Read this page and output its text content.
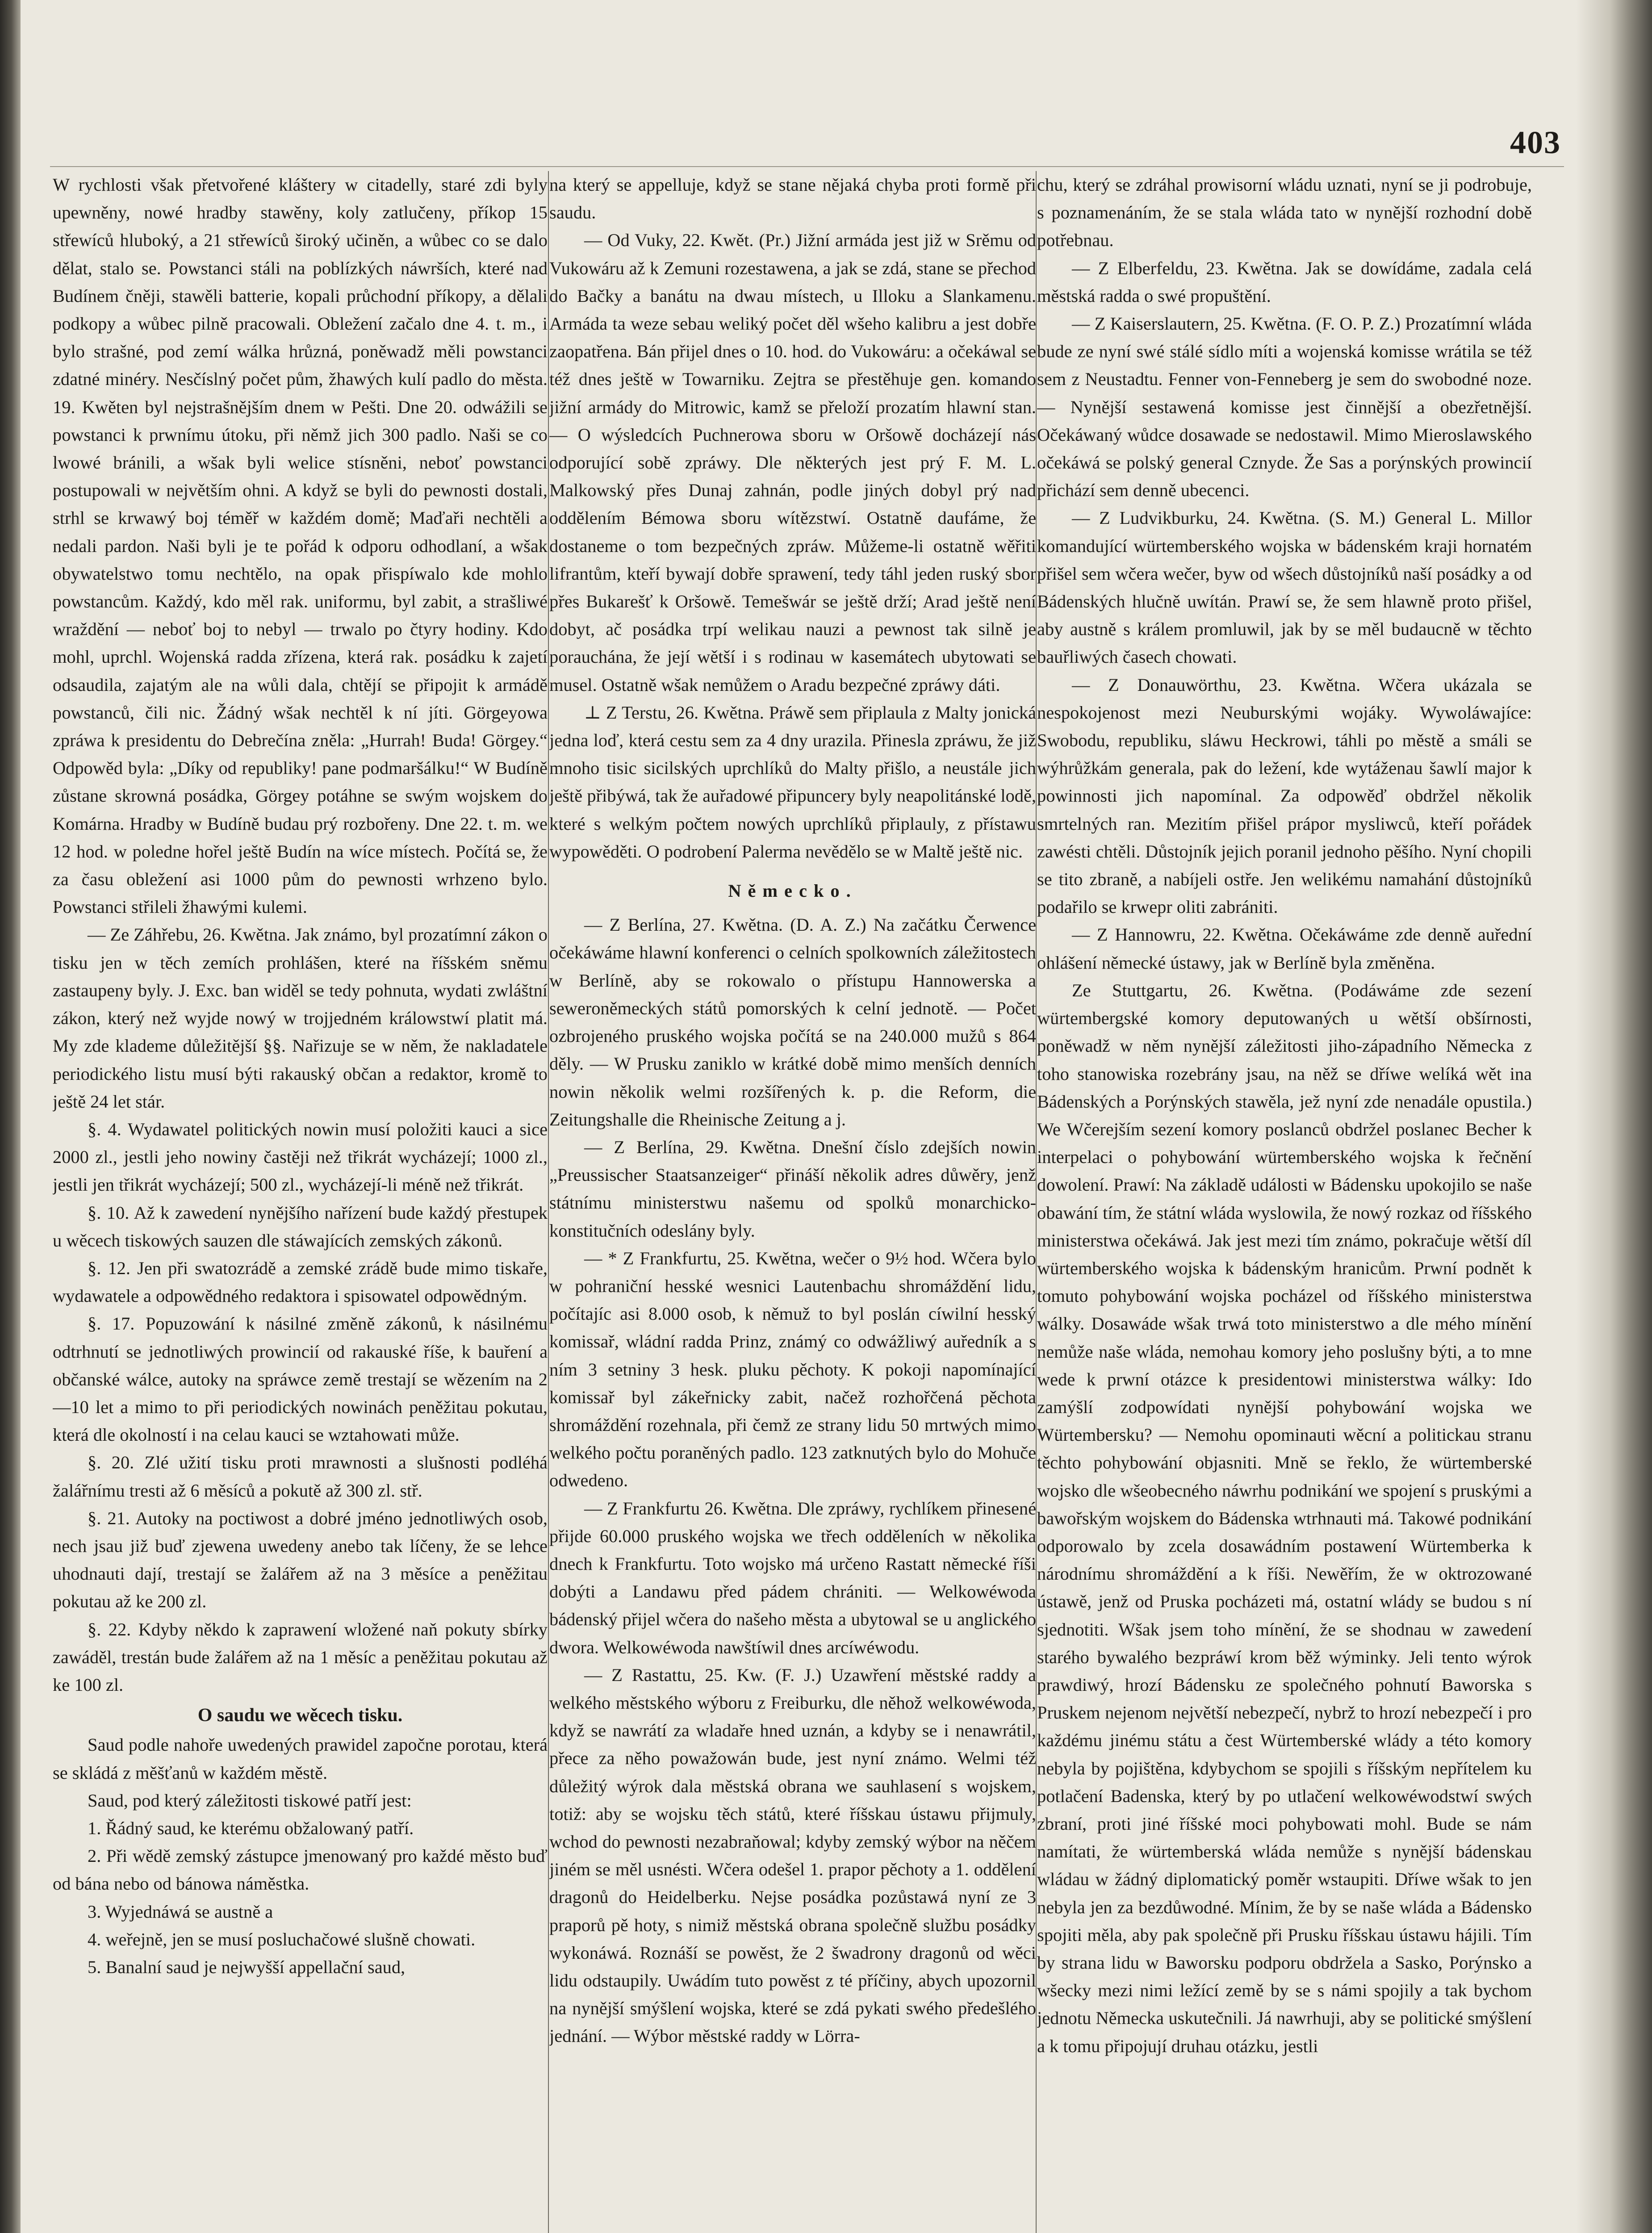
403

W rychlosti však přetvořené kláštery w citadelly, staré zdi byly upewněny, nowé hradby stawěny, koly zatlučeny, příkop 15 střewíců hluboký, a 21 střewíců široký učiněn, a wůbec co se dalo dělat, stalo se. Powstanci stáli na poblízkých náwrších, které nad Budínem čněji, stawěli batterie, kopali průchodní příkopy, a dělali podkopy a wůbec pilně pracowali. Obležení začalo dne 4. t. m., i bylo strašné, pod zemí wálka hrůzná, poněwadž měli powstanci zdatné minéry. Nesčíslný počet pům, žhawých kulí padlo do města. 19. Kwěten byl nejstrašnějším dnem w Pešti. Dne 20. odwážili se powstanci k prwnímu útoku, při němž jich 300 padlo. Naši se co lwowé bránili, a wšak byli welice stísněni, neboť powstanci postupowali w největším ohni. A když se byli do pewnosti dostali, strhl se krwawý boj téměř w každém domě; Maďaři nechtěli a nedali pardon. Naši byli je te pořád k odporu odhodlaní, a wšak obywatelstwo tomu nechtělo, na opak přispíwalo kde mohlo powstancům. Každý, kdo měl rak. uniformu, byl zabit, a strašliwé wraždění — neboť boj to nebyl — trwalo po čtyry hodiny. Kdo mohl, uprchl. Wojenská radda zřízena, která rak. posádku k zajetí odsaudila, zajatým ale na wůli dala, chtějí se připojit k armádě powstanců, čili nic. Žádný wšak nechtěl k ní jíti. Görgeyowa zpráwa k presidentu do Debrečína zněla: „Hurrah! Buda! Görgey.“ Odpowěd byla: „Díky od republiky! pane podmaršálku!“ W Budíně zůstane skrowná posádka, Görgey potáhne se swým wojskem do Komárna. Hradby w Budíně budau prý rozbořeny. Dne 22. t. m. we 12 hod. w poledne hořel ještě Budín na wíce místech. Počítá se, že za času obležení asi 1000 pům do pewnosti wrhzeno bylo. Powstanci střileli žhawými kulemi.

— Ze Záhřebu, 26. Kwětna. Jak známo, byl prozatímní zákon o tisku jen w těch zemích prohlášen, které na říšském sněmu zastaupeny byly. J. Exc. ban widěl se tedy pohnuta, wydati zwláštní zákon, který než wyjde nowý w trojjedném králowstwí platit má. My zde klademe důležitější §§. Nařizuje se w něm, že nakladatele periodického listu musí býti rakauský občan a redaktor, kromě to ještě 24 let stár.

§. 4. Wydawatel politických nowin musí položiti kauci a sice 2000 zl., jestli jeho nowiny častěji než třikrát wycházejí; 1000 zl., jestli jen třikrát wycházejí; 500 zl., wycházejí-li méně než třikrát.

§. 10. Až k zawedení nynějšího nařízení bude každý přestupek u wěcech tiskowých sauzen dle stáwajících zemských zákonů.

§. 12. Jen při swatozrádě a zemské zrádě bude mimo tiskaře, wydawatele a odpowědného redaktora i spisowatel odpowědným.

§. 17. Popuzowání k násilné změně zákonů, k násilnému odtrhnutí se jednotliwých prowincií od rakauské říše, k bauření a občanské wálce, autoky na spráwce země trestají se wězením na 2—10 let a mimo to při periodických nowinách peněžitau pokutau, která dle okolností i na celau kauci se wztahowati může.

§. 20. Zlé užití tisku proti mrawnosti a slušnosti podléhá žalářnímu tresti až 6 měsíců a pokutě až 300 zl. stř.

§. 21. Autoky na poctiwost a dobré jméno jednotliwých osob, nech jsau již buď zjewena uwedeny anebo tak líčeny, že se lehce uhodnauti dají, trestají se žalářem až na 3 měsíce a peněžitau pokutau až ke 200 zl.

§. 22. Kdyby někdo k zaprawení wložené naň pokuty sbírky zawáděl, trestán bude žalářem až na 1 měsíc a peněžitau pokutau až ke 100 zl.

O saudu we wěcech tisku.

Saud podle nahoře uwedených prawidel započne porotau, která se skládá z měšťanů w každém městě.

Saud, pod který záležitosti tiskowé patří jest:

1. Řádný saud, ke kterému obžalowaný patří.

2. Při wědě zemský zástupce jmenowaný pro každé město buď od bána nebo od bánowa náměstka.

3. Wyjednáwá se austně a

4. weřejně, jen se musí posluchačowé slušně chowati.

5. Banalní saud je nejwyšší appellační saud,

na který se appelluje, když se stane nějaká chyba proti formě při saudu.

— Od Vuky, 22. Kwět. (Pr.) Jižní armáda jest již w Srěmu od Vukowáru až k Zemuni rozestawena, a jak se zdá, stane se přechod do Bačky a banátu na dwau místech, u Illoku a Slankamenu. Armáda ta weze sebau weliký počet děl wšeho kalibru a jest dobře zaopatřena. Bán přijel dnes o 10. hod. do Vukowáru: a očekáwal se též dnes ještě w Towarniku. Zejtra se přestěhuje gen. komando jižní armády do Mitrowic, kamž se přeloží prozatím hlawní stan. — O wýsledcích Puchnerowa sboru w Oršowě docházejí nás odporující sobě zpráwy. Dle některých jest prý F. M. L. Malkowský přes Dunaj zahnán, podle jiných dobyl prý nad oddělením Bémowa sboru wítězstwí. Ostatně daufáme, že dostaneme o tom bezpečných zpráw. Můžeme-li ostatně wěřiti lifrantům, kteří bywají dobře sprawení, tedy táhl jeden ruský sbor přes Bukarešť k Oršowě. Temešwár se ještě drží; Arad ještě není dobyt, ač posádka trpí welikau nauzi a pewnost tak silně je porauchána, že její wětší i s rodinau w kasemátech ubytowati se musel. Ostatně wšak nemůžem o Aradu bezpečné zpráwy dáti.

⊥ Z Terstu, 26. Kwětna. Práwě sem připlaula z Malty jonická jedna loď, která cestu sem za 4 dny urazila. Přinesla zpráwu, že již mnoho tisic sicilských uprchlíků do Malty přišlo, a neustále jich ještě přibýwá, tak že auřadowé připuncery byly neapolitánské lodě, které s welkým počtem nowých uprchlíků připlauly, z přístawu wypowěděti. O podrobení Palerma nevědělo se w Maltě ještě nic.

Německo.

— Z Berlína, 27. Kwětna. (D. A. Z.) Na začátku Čerwence očekáwáme hlawní konferenci o celních spolkowních záležitostech w Berlíně, aby se rokowalo o přístupu Hannowerska a seweroněmeckých států pomorských k celní jednotě. — Počet ozbrojeného pruského wojska počítá se na 240.000 mužů s 864 děly. — W Prusku zaniklo w krátké době mimo menších denních nowin několik welmi rozšířených k. p. die Reform, die Zeitungshalle die Rheinische Zeitung a j.

— Z Berlína, 29. Kwětna. Dnešní číslo zdejších nowin „Preussischer Staatsanzeiger“ přináší několik adres důwěry, jenž státnímu ministerstwu našemu od spolků monarchicko-konstitučních odeslány byly.

— * Z Frankfurtu, 25. Kwětna, wečer o 9½ hod. Wčera bylo w pohraniční hesské wesnici Lautenbachu shromáždění lidu, počítajíc asi 8.000 osob, k němuž to byl poslán cíwilní hesský komissař, wládní radda Prinz, známý co odwážliwý auředník a s ním 3 setniny 3 hesk. pluku pěchoty. K pokoji napomínající komissař byl zákeřnicky zabit, načež rozhořčená pěchota shromáždění rozehnala, při čemž ze strany lidu 50 mrtwých mimo welkého počtu poraněných padlo. 123 zatknutých bylo do Mohuče odwedeno.

— Z Frankfurtu 26. Kwětna. Dle zpráwy, rychlíkem přinesené přijde 60.000 pruského wojska we třech odděleních w několika dnech k Frankfurtu. Toto wojsko má určeno Rastatt německé říši dobýti a Landawu před pádem chrániti. — Welkowéwoda bádenský přijel wčera do našeho města a ubytowal se u anglického dwora. Welkowéwoda nawštíwil dnes arcíwéwodu.

— Z Rastattu, 25. Kw. (F. J.) Uzawření městské raddy a welkého městského wýboru z Freiburku, dle něhož welkowéwoda, když se nawrátí za wladaře hned uznán, a kdyby se i nenawrátil, přece za něho powažowán bude, jest nyní známo. Welmi též důležitý wýrok dala městská obrana we sauhlasení s wojskem, totiž: aby se wojsku těch států, které říšskau ústawu přijmuly, wchod do pewnosti nezabraňowal; kdyby zemský wýbor na něčem jiném se měl usnésti. Wčera odešel 1. prapor pěchoty a 1. oddělení dragonů do Heidelberku. Nejse posádka pozůstawá nyní ze 3 praporů pě hoty, s nimiž městská obrana společně službu posádky wykonáwá. Roznáší se powěst, že 2 šwadrony dragonů od wěci lidu odstaupily. Uwádím tuto powěst z té příčiny, abych upozornil na nynější smýšlení wojska, které se zdá pykati swého předešlého jednání. — Wýbor městské raddy w Lörra-

chu, který se zdráhal prowisorní wládu uznati, nyní se ji podrobuje, s poznamenáním, že se stala wláda tato w nynější rozhodní době potřebnau.

— Z Elberfeldu, 23. Kwětna. Jak se dowídáme, zadala celá městská radda o swé propuštění.

— Z Kaiserslautern, 25. Kwětna. (F. O. P. Z.) Prozatímní wláda bude ze nyní swé stálé sídlo míti a wojenská komisse wrátila se též sem z Neustadtu. Fenner von-Fenneberg je sem do swobodné noze. — Nynější sestawená komisse jest činnější a obezřetnější. Očekáwaný wůdce dosawade se nedostawil. Mimo Mieroslawského očekáwá se polský general Cznyde. Že Sas a porýnských prowincií přichází sem denně ubecenci.

— Z Ludvikburku, 24. Kwětna. (S. M.) General L. Millor komandující würtemberského wojska w bádenském kraji hornatém přišel sem wčera wečer, byw od wšech důstojníků naší posádky a od Bádenských hlučně uwítán. Prawí se, že sem hlawně proto přišel, aby austně s králem promluwil, jak by se měl budaucně w těchto bauřliwých časech chowati.

— Z Donauwörthu, 23. Kwětna. Wčera ukázala se nespokojenost mezi Neuburskými wojáky. Wywoláwajíce: Swobodu, republiku, sláwu Heckrowi, táhli po městě a smáli se wýhrůžkám generala, pak do ležení, kde wytáženau šawlí major k powinnosti jich napomínal. Za odpowěď obdržel několik smrtelných ran. Mezitím přišel prápor mysliwců, kteří pořádek zawésti chtěli. Důstojník jejich poranil jednoho pěšího. Nyní chopili se tito zbraně, a nabíjeli ostře. Jen welikému namahání důstojníků podařilo se krwepr oliti zabrániti.

— Z Hannowru, 22. Kwětna. Očekáwáme zde denně auřední ohlášení německé ústawy, jak w Berlíně byla změněna.

Ze Stuttgartu, 26. Kwětna. (Podáwáme zde sezení würtembergské komory deputowaných u wětší obšírnosti, poněwadž w něm nynější záležitosti jiho-západního Německa z toho stanowiska rozebrány jsau, na něž se dříwe welíká wět ina Bádenských a Porýnských stawěla, jež nyní zde nenadále opustila.) We Wčerejším sezení komory poslanců obdržel poslanec Becher k interpelaci o pohybowání würtemberského wojska k řečnění dowolení. Prawí: Na základě události w Bádensku upokojilo se naše obawání tím, že státní wláda wyslowila, že nowý rozkaz od říšského ministerstwa očekáwá. Jak jest mezi tím známo, pokračuje wětší díl würtemberského wojska k bádenským hranicům. Prwní podnět k tomuto pohybowání wojska pocházel od říšského ministerstwa wálky. Dosawáde wšak trwá toto ministerstwo a dle mého mínění nemůže naše wláda, nemohau komory jeho poslušny býti, a to mne wede k prwní otázce k presidentowi ministerstwa wálky: Ido zamýšlí zodpowídati nynější pohybowání wojska we Würtembersku? — Nemohu opominauti wěcní a politickau stranu těchto pohybowání objasniti. Mně se řeklo, že würtemberské wojsko dle wšeobecného náwrhu podnikání we spojení s pruskými a bawořským wojskem do Bádenska wtrhnauti má. Takowé podnikání odporowalo by zcela dosawádním postawení Würtemberka k národnímu shromáždění a k říši. Newěřím, že w oktrozowané ústawě, jenž od Pruska pocházeti má, ostatní wlády se budou s ní sjednotiti. Wšak jsem toho mínění, že se shodnau w zawedení starého bywalého bezpráwí krom běž wýminky. Jeli tento wýrok prawdiwý, hrozí Bádensku ze společného pohnutí Baworska s Pruskem nejenom největší nebezpečí, nybrž to hrozí nebezpečí i pro každému jinému státu a čest Würtemberské wlády a této komory nebyla by pojištěna, kdybychom se spojili s říšským nepřítelem ku potlačení Badenska, který by po utlačení welkowéwodstwí swých zbraní, proti jiné říšské moci pohybowati mohl. Bude se nám namítati, že würtemberská wláda nemůže s nynější bádenskau wládau w žádný diplomatický poměr wstaupiti. Dříwe wšak to jen nebyla jen za bezdůwodné. Mínim, že by se naše wláda a Bádensko spojiti měla, aby pak společně při Prusku říšskau ústawu hájili. Tím by strana lidu w Baworsku podporu obdržela a Sasko, Porýnsko a wšecky mezi nimi ležící země by se s námi spojily a tak bychom jednotu Německa uskutečnili. Já nawrhuji, aby se politické smýšlení a k tomu připojují druhau otázku, jestli
